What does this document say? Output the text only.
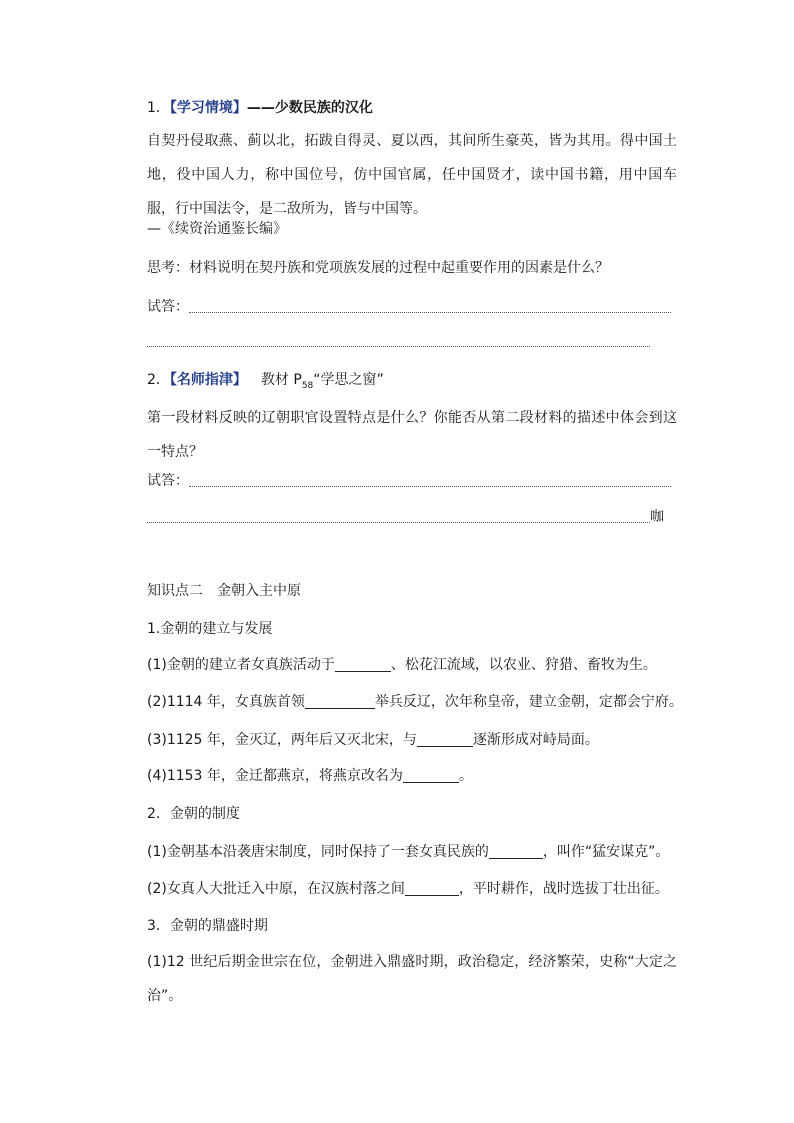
1．【学习情境】——少数民族的汉化
自契丹侵取燕、蓟以北，拓跋自得灵、夏以西，其间所生豪英，皆为其用。得中国土地，役中国人力，称中国位号，仿中国官属，任中国贤才，读中国书籍，用中国车服，行中国法令，是二敌所为，皆与中国等。
—《续资治通鉴长编》
思考：材料说明在契丹族和党项族发展的过程中起重要作用的因素是什么？
试答：
2．【名师指津】 教材 $P_{58}“$学思之窗”
第一段材料反映的辽朝职官设置特点是什么？你能否从第二段材料的描述中体会到这一特点？
试答：
咖
知识点二　金朝入主中原
1.金朝的建立与发展
(1)金朝的建立者女真族活动于	、松花江流域，以农业、狩猎、畜牧为生。
(2)1114 年，女真族首领	举兵反辽，次年称皇帝，建立金朝，定都会宁府。
(3)1125 年，金灭辽，两年后又灭北宋，与	逐渐形成对峙局面。
(4)1153 年，金迁都燕京，将燕京改名为	。
2．金朝的制度
(1)金朝基本沿袭唐宋制度，同时保持了一套女真民族的	，叫作“猛安谋克”。
(2)女真人大批迁入中原，在汉族村落之间	，平时耕作，战时选拔丁壮出征。
3．金朝的鼎盛时期
(1)12 世纪后期金世宗在位，金朝进入鼎盛时期，政治稳定，经济繁荣，史称“大定之治”。
